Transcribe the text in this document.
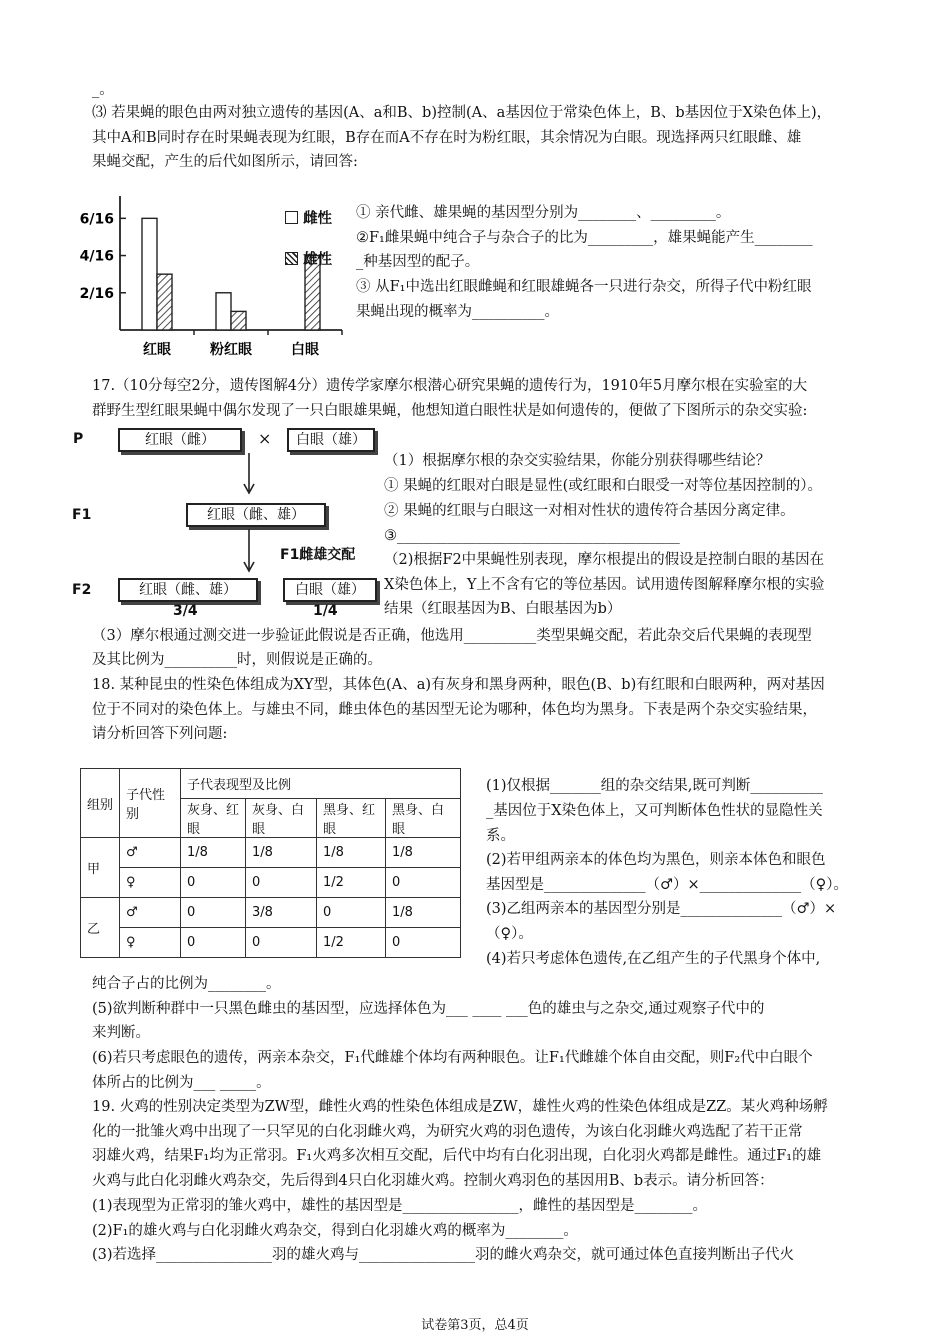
_。
⑶ 若果蝇的眼色由两对独立遗传的基因(A、a和B、b)控制(A、a基因位于常染色体上，B、b基因位于X染色体上)，
其中A和B同时存在时果蝇表现为红眼，B存在而A不存在时为粉红眼，其余情况为白眼。现选择两只红眼雌、雄
果蝇交配，产生的后代如图所示，请回答:
2/16
4/16
6/16
红眼	粉红眼	白眼
雌性
雄性
① 亲代雌、雄果蝇的基因型分别为________、_________。
②F₁雌果蝇中纯合子与杂合子的比为_________，雄果蝇能产生________
_种基因型的配子。
③ 从F₁中选出红眼雌蝇和红眼雄蝇各一只进行杂交，所得子代中粉红眼
果蝇出现的概率为__________。
17.（10分每空2分，遗传图解4分）遗传学家摩尔根潜心研究果蝇的遗传行为，1910年5月摩尔根在实验室的大
群野生型红眼果蝇中偶尔发现了一只白眼雄果蝇，他想知道白眼性状是如何遗传的，便做了下图所示的杂交实验:
P	红眼（雌）	×	白眼（雄）
F1	红眼（雌、雄）
F1雌雄交配
F2	红眼（雌、雄）	白眼（雄）
3/4	1/4
（1）根据摩尔根的杂交实验结果，你能分别获得哪些结论？
① 果蝇的红眼对白眼是显性(或红眼和白眼受一对等位基因控制的）。
② 果蝇的红眼与白眼这一对相对性状的遗传符合基因分离定律。
③_______________________________________
（2)根据F2中果蝇性别表现，摩尔根提出的假设是控制白眼的基因在
X染色体上，Y上不含有它的等位基因。试用遗传图解释摩尔根的实验
结果（红眼基因为B、白眼基因为b）
（3）摩尔根通过测交进一步验证此假说是否正确，他选用__________类型果蝇交配，若此杂交后代果蝇的表现型
及其比例为__________时，则假说是正确的。
18. 某种昆虫的性染色体组成为XY型，其体色(A、a)有灰身和黑身两种，眼色(B、b)有红眼和白眼两种，两对基因
位于不同对的染色体上。与雄虫不同，雌虫体色的基因型无论为哪种，体色均为黑身。下表是两个杂交实验结果，
请分析回答下列问题:
组别	子代性别	子代表现型及比例			
		灰身、红眼	灰身、白眼	黑身、红眼	黑身、白眼
甲	♂	1/8	1/8	1/8	1/8
	♀	0	0	1/2	0
乙	♂	0	3/8	0	1/8
	♀	0	0	1/2	0
(1)仅根据_______组的杂交结果,既可判断__________
_基因位于X染色体上，又可判断体色性状的显隐性关
系。
(2)若甲组两亲本的体色均为黑色，则亲本体色和眼色
基因型是______________（♂）×______________（♀）。
(3)乙组两亲本的基因型分别是______________（♂）×
（♀）。
(4)若只考虑体色遗传,在乙组产生的子代黑身个体中,
纯合子占的比例为________。
(5)欲判断种群中一只黑色雌虫的基因型，应选择体色为___ ____ ___色的雄虫与之杂交,通过观察子代中的
来判断。
(6)若只考虑眼色的遗传，两亲本杂交，F₁代雌雄个体均有两种眼色。让F₁代雌雄个体自由交配，则F₂代中白眼个
体所占的比例为___ _____。
19. 火鸡的性别决定类型为ZW型，雌性火鸡的性染色体组成是ZW，雄性火鸡的性染色体组成是ZZ。某火鸡种场孵
化的一批雏火鸡中出现了一只罕见的白化羽雌火鸡，为研究火鸡的羽色遗传，为该白化羽雌火鸡选配了若干正常
羽雄火鸡，结果F₁均为正常羽。F₁火鸡多次相互交配，后代中均有白化羽出现，白化羽火鸡都是雌性。通过F₁的雄
火鸡与此白化羽雌火鸡杂交，先后得到4只白化羽雄火鸡。控制火鸡羽色的基因用B、b表示。请分析回答：
(1)表现型为正常羽的雏火鸡中，雄性的基因型是________________，雌性的基因型是________。
(2)F₁的雄火鸡与白化羽雌火鸡杂交，得到白化羽雄火鸡的概率为________。
(3)若选择________________羽的雄火鸡与________________羽的雌火鸡杂交，就可通过体色直接判断出子代火
试卷第3页，总4页
